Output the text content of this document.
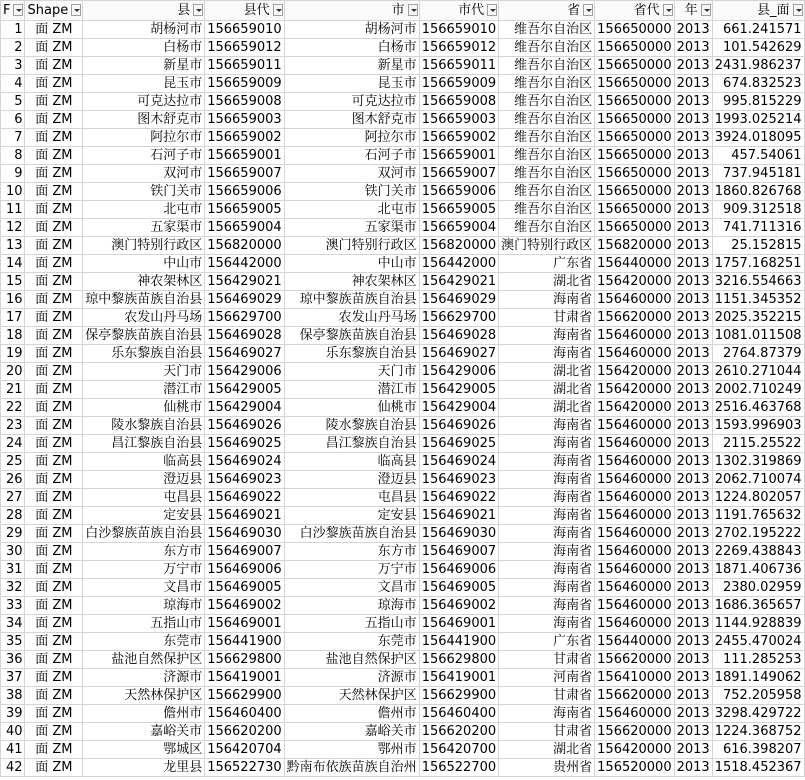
F	Shape	县	县代	市	市代	省	省代	年	县_面

1	面 ZM	胡杨河市	156659010	胡杨河市	156659010	维吾尔自治区	156650000	2013	661.241571
2	面 ZM	白杨市	156659012	白杨市	156659012	维吾尔自治区	156650000	2013	101.542629
3	面 ZM	新星市	156659011	新星市	156659011	维吾尔自治区	156650000	2013	2431.986237
4	面 ZM	昆玉市	156659009	昆玉市	156659009	维吾尔自治区	156650000	2013	674.832523
5	面 ZM	可克达拉市	156659008	可克达拉市	156659008	维吾尔自治区	156650000	2013	995.815229
6	面 ZM	图木舒克市	156659003	图木舒克市	156659003	维吾尔自治区	156650000	2013	1993.025214
7	面 ZM	阿拉尔市	156659002	阿拉尔市	156659002	维吾尔自治区	156650000	2013	3924.018095
8	面 ZM	石河子市	156659001	石河子市	156659001	维吾尔自治区	156650000	2013	457.54061
9	面 ZM	双河市	156659007	双河市	156659007	维吾尔自治区	156650000	2013	737.945181
10	面 ZM	铁门关市	156659006	铁门关市	156659006	维吾尔自治区	156650000	2013	1860.826768
11	面 ZM	北屯市	156659005	北屯市	156659005	维吾尔自治区	156650000	2013	909.312518
12	面 ZM	五家渠市	156659004	五家渠市	156659004	维吾尔自治区	156650000	2013	741.711316
13	面 ZM	澳门特别行政区	156820000	澳门特别行政区	156820000	澳门特别行政区	156820000	2013	25.152815
14	面 ZM	中山市	156442000	中山市	156442000	广东省	156440000	2013	1757.168251
15	面 ZM	神农架林区	156429021	神农架林区	156429021	湖北省	156420000	2013	3216.554663
16	面 ZM	琼中黎族苗族自治县	156469029	琼中黎族苗族自治县	156469029	海南省	156460000	2013	1151.345352
17	面 ZM	农发山丹马场	156629700	农发山丹马场	156629700	甘肃省	156620000	2013	2025.352215
18	面 ZM	保亭黎族苗族自治县	156469028	保亭黎族苗族自治县	156469028	海南省	156460000	2013	1081.011508
19	面 ZM	乐东黎族自治县	156469027	乐东黎族自治县	156469027	海南省	156460000	2013	2764.87379
20	面 ZM	天门市	156429006	天门市	156429006	湖北省	156420000	2013	2610.271044
21	面 ZM	潜江市	156429005	潜江市	156429005	湖北省	156420000	2013	2002.710249
22	面 ZM	仙桃市	156429004	仙桃市	156429004	湖北省	156420000	2013	2516.463768
23	面 ZM	陵水黎族自治县	156469026	陵水黎族自治县	156469026	海南省	156460000	2013	1593.996903
24	面 ZM	昌江黎族自治县	156469025	昌江黎族自治县	156469025	海南省	156460000	2013	2115.25522
25	面 ZM	临高县	156469024	临高县	156469024	海南省	156460000	2013	1302.319869
26	面 ZM	澄迈县	156469023	澄迈县	156469023	海南省	156460000	2013	2062.710074
27	面 ZM	屯昌县	156469022	屯昌县	156469022	海南省	156460000	2013	1224.802057
28	面 ZM	定安县	156469021	定安县	156469021	海南省	156460000	2013	1191.765632
29	面 ZM	白沙黎族苗族自治县	156469030	白沙黎族苗族自治县	156469030	海南省	156460000	2013	2702.195222
30	面 ZM	东方市	156469007	东方市	156469007	海南省	156460000	2013	2269.438843
31	面 ZM	万宁市	156469006	万宁市	156469006	海南省	156460000	2013	1871.406736
32	面 ZM	文昌市	156469005	文昌市	156469005	海南省	156460000	2013	2380.02959
33	面 ZM	琼海市	156469002	琼海市	156469002	海南省	156460000	2013	1686.365657
34	面 ZM	五指山市	156469001	五指山市	156469001	海南省	156460000	2013	1144.928839
35	面 ZM	东莞市	156441900	东莞市	156441900	广东省	156440000	2013	2455.470024
36	面 ZM	盐池自然保护区	156629800	盐池自然保护区	156629800	甘肃省	156620000	2013	111.285253
37	面 ZM	济源市	156419001	济源市	156419001	河南省	156410000	2013	1891.149062
38	面 ZM	天然林保护区	156629900	天然林保护区	156629900	甘肃省	156620000	2013	752.205958
39	面 ZM	儋州市	156460400	儋州市	156460400	海南省	156460000	2013	3298.429722
40	面 ZM	嘉峪关市	156620200	嘉峪关市	156620200	甘肃省	156620000	2013	1224.368752
41	面 ZM	鄂城区	156420704	鄂州市	156420700	湖北省	156420000	2013	616.398207
42	面 ZM	龙里县	156522730	黔南布依族苗族自治州	156522700	贵州省	156520000	2013	1518.452367
